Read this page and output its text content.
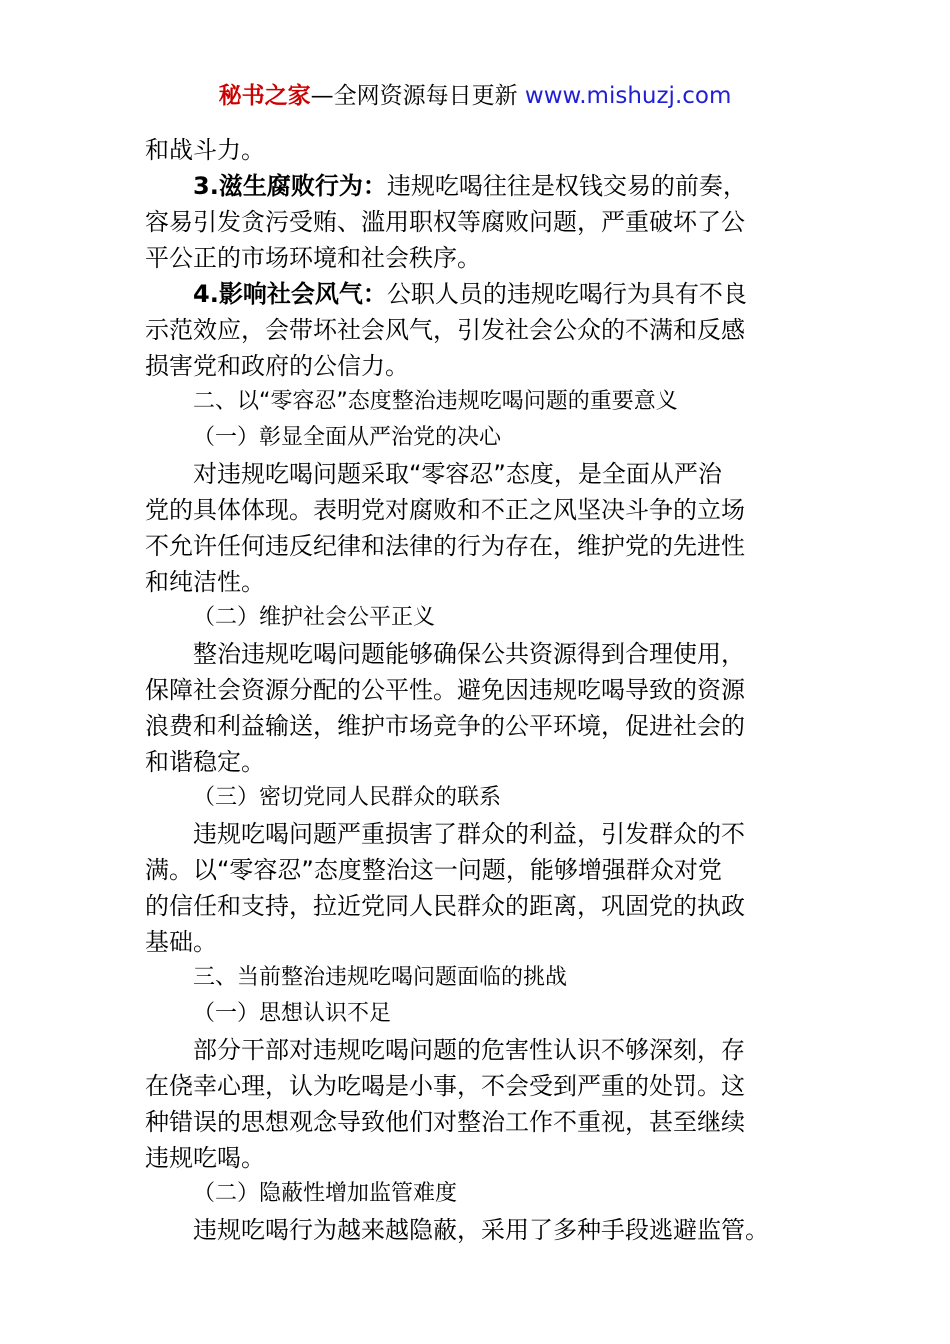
秘书之家—全网资源每日更新 www.mishuzj.com
和战斗力。
3.滋生腐败行为：违规吃喝往往是权钱交易的前奏，
容易引发贪污受贿、滥用职权等腐败问题，严重破坏了公
平公正的市场环境和社会秩序。
4.影响社会风气：公职人员的违规吃喝行为具有不良
示范效应，会带坏社会风气，引发社会公众的不满和反感
损害党和政府的公信力。
二、以“零容忍”态度整治违规吃喝问题的重要意义
（一）彰显全面从严治党的决心
对违规吃喝问题采取“零容忍”态度，是全面从严治
党的具体体现。表明党对腐败和不正之风坚决斗争的立场
不允许任何违反纪律和法律的行为存在，维护党的先进性
和纯洁性。
（二）维护社会公平正义
整治违规吃喝问题能够确保公共资源得到合理使用，
保障社会资源分配的公平性。避免因违规吃喝导致的资源
浪费和利益输送，维护市场竞争的公平环境，促进社会的
和谐稳定。
（三）密切党同人民群众的联系
违规吃喝问题严重损害了群众的利益，引发群众的不
满。以“零容忍”态度整治这一问题，能够增强群众对党
的信任和支持，拉近党同人民群众的距离，巩固党的执政
基础。
三、当前整治违规吃喝问题面临的挑战
（一）思想认识不足
部分干部对违规吃喝问题的危害性认识不够深刻，存
在侥幸心理，认为吃喝是小事，不会受到严重的处罚。这
种错误的思想观念导致他们对整治工作不重视，甚至继续
违规吃喝。
（二）隐蔽性增加监管难度
违规吃喝行为越来越隐蔽，采用了多种手段逃避监管。
